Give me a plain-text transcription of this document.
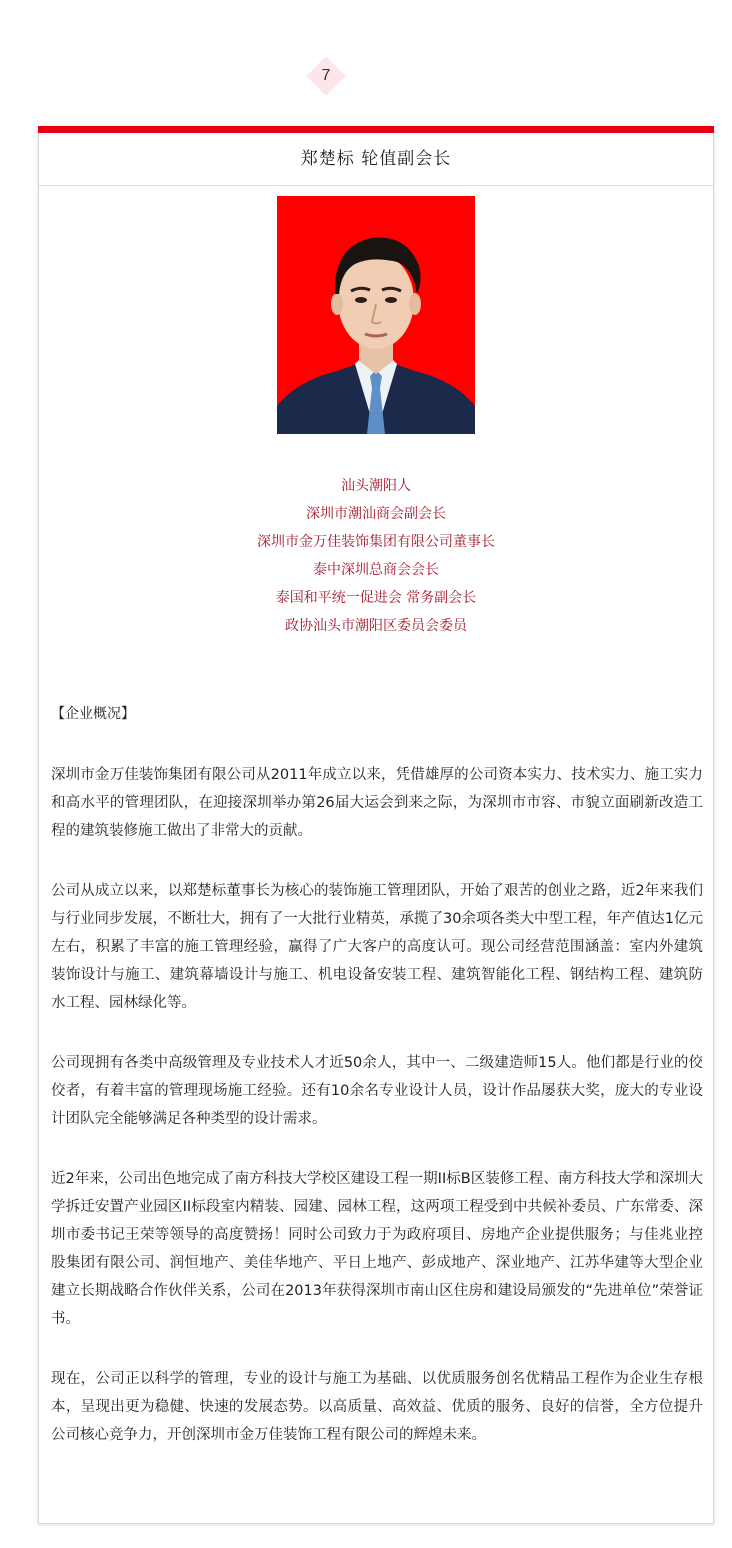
7
郑楚标 轮值副会长
汕头潮阳人
深圳市潮汕商会副会长
深圳市金万佳装饰集团有限公司董事长
泰中深圳总商会会长
泰国和平统一促进会 常务副会长
政协汕头市潮阳区委员会委员
【企业概况】
深圳市金万佳装饰集团有限公司从2011年成立以来，凭借雄厚的公司资本实力、技术实力、施工实力和高水平的管理团队，在迎接深圳举办第26届大运会到来之际，为深圳市市容、市貌立面刷新改造工程的建筑装修施工做出了非常大的贡献。
公司从成立以来，以郑楚标董事长为核心的装饰施工管理团队，开始了艰苦的创业之路，近2年来我们与行业同步发展，不断壮大，拥有了一大批行业精英，承揽了30余项各类大中型工程，年产值达1亿元左右，积累了丰富的施工管理经验，赢得了广大客户的高度认可。现公司经营范围涵盖：室内外建筑装饰设计与施工、建筑幕墙设计与施工、机电设备安装工程、建筑智能化工程、钢结构工程、建筑防水工程、园林绿化等。
公司现拥有各类中高级管理及专业技术人才近50余人，其中一、二级建造师15人。他们都是行业的佼佼者，有着丰富的管理现场施工经验。还有10余名专业设计人员，设计作品屡获大奖，庞大的专业设计团队完全能够满足各种类型的设计需求。
近2年来，公司出色地完成了南方科技大学校区建设工程一期II标B区装修工程、南方科技大学和深圳大学拆迁安置产业园区II标段室内精装、园建、园林工程，这两项工程受到中共候补委员、广东常委、深圳市委书记王荣等领导的高度赞扬！同时公司致力于为政府项目、房地产企业提供服务；与佳兆业控股集团有限公司、润恒地产、美佳华地产、平日上地产、彭成地产、深业地产、江苏华建等大型企业建立长期战略合作伙伴关系，公司在2013年获得深圳市南山区住房和建设局颁发的“先进单位”荣誉证书。
现在，公司正以科学的管理，专业的设计与施工为基础、以优质服务创名优精品工程作为企业生存根本，呈现出更为稳健、快速的发展态势。以高质量、高效益、优质的服务、良好的信誉，全方位提升公司核心竞争力，开创深圳市金万佳装饰工程有限公司的辉煌未来。
